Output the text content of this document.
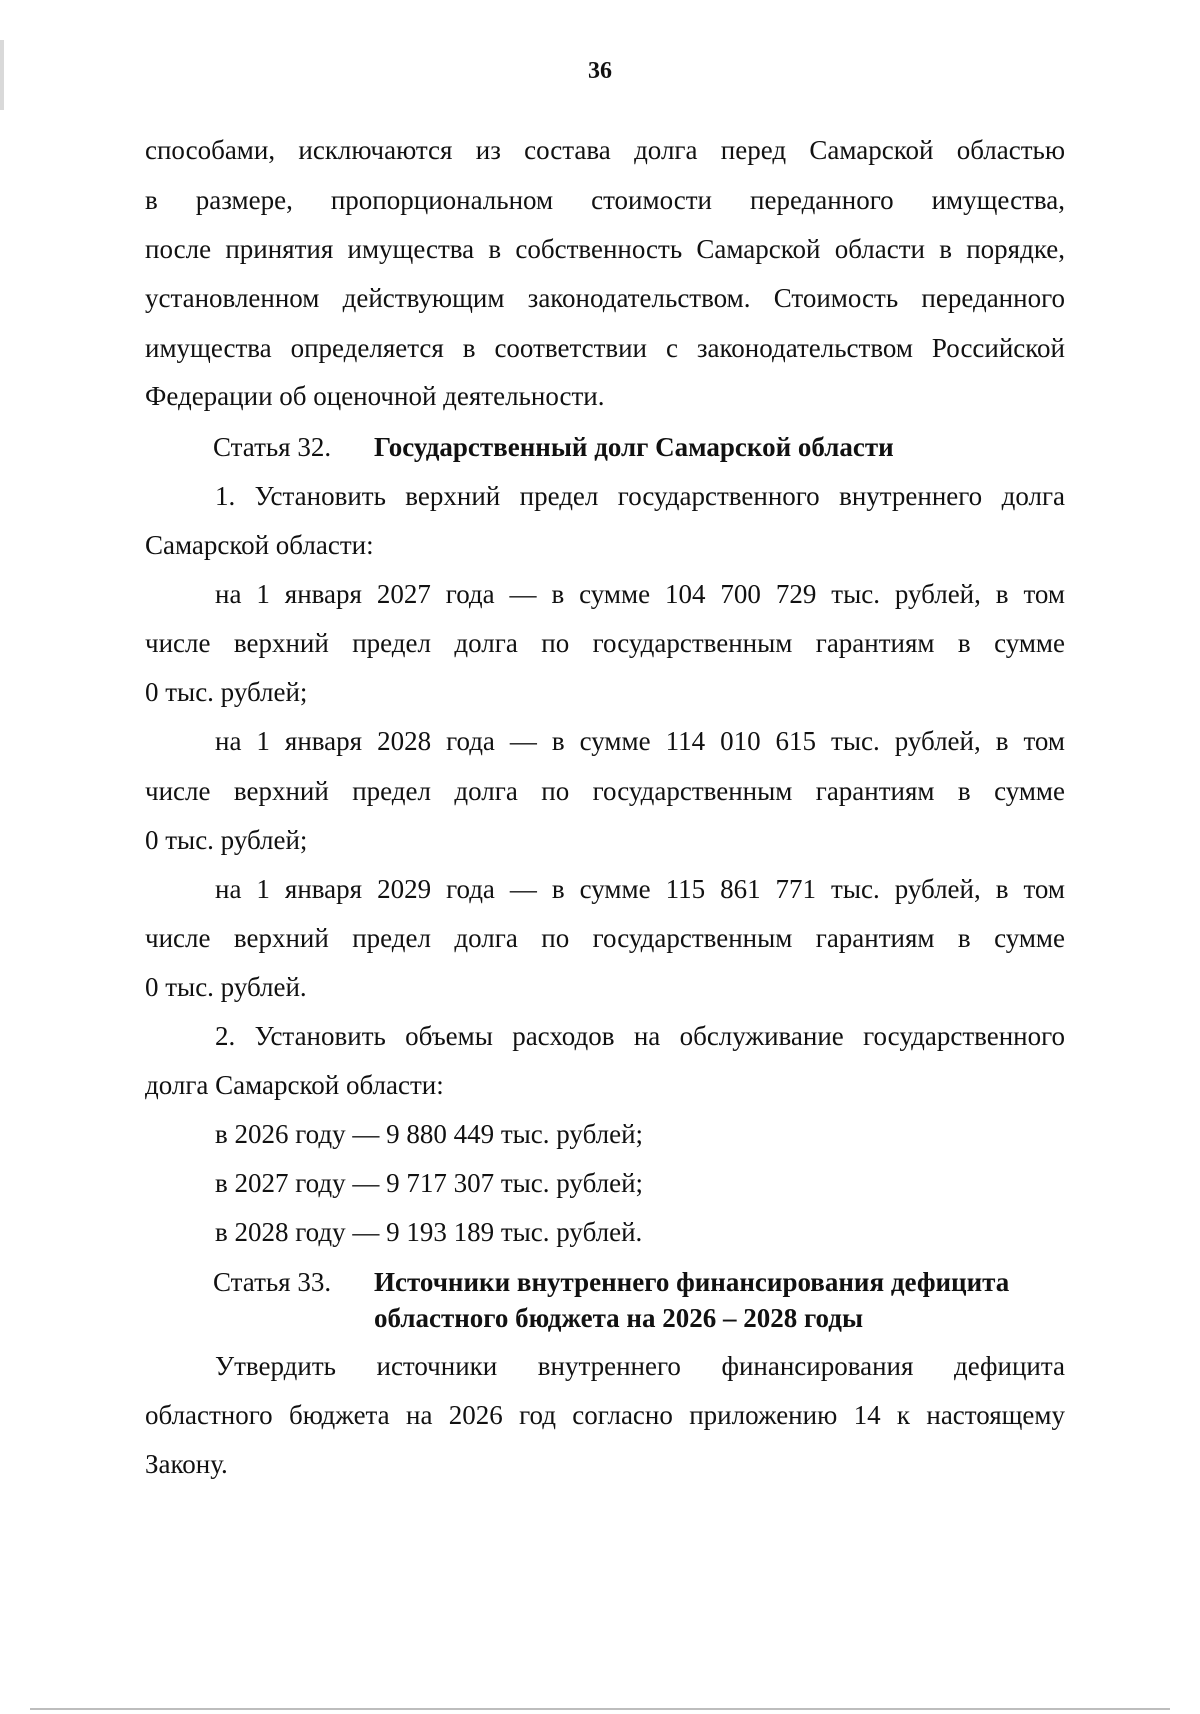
36
способами, исключаются из состава долга перед Самарской областью
в размере, пропорциональном стоимости переданного имущества,
после принятия имущества в собственность Самарской области в порядке,
установленном действующим законодательством. Стоимость переданного
имущества определяется в соответствии с законодательством Российской
Федерации об оценочной деятельности.
Статья 32. Государственный долг Самарской области
1. Установить верхний предел государственного внутреннего долга
Самарской области:
на 1 января 2027 года — в сумме 104 700 729 тыс. рублей, в том
числе верхний предел долга по государственным гарантиям в сумме
0 тыс. рублей;
на 1 января 2028 года — в сумме 114 010 615 тыс. рублей, в том
числе верхний предел долга по государственным гарантиям в сумме
0 тыс. рублей;
на 1 января 2029 года — в сумме 115 861 771 тыс. рублей, в том
числе верхний предел долга по государственным гарантиям в сумме
0 тыс. рублей.
2. Установить объемы расходов на обслуживание государственного
долга Самарской области:
в 2026 году — 9 880 449 тыс. рублей;
в 2027 году — 9 717 307 тыс. рублей;
в 2028 году — 9 193 189 тыс. рублей.
Статья 33. Источники внутреннего финансирования дефицита
областного бюджета на 2026 – 2028 годы
Утвердить источники внутреннего финансирования дефицита
областного бюджета на 2026 год согласно приложению 14 к настоящему
Закону.
